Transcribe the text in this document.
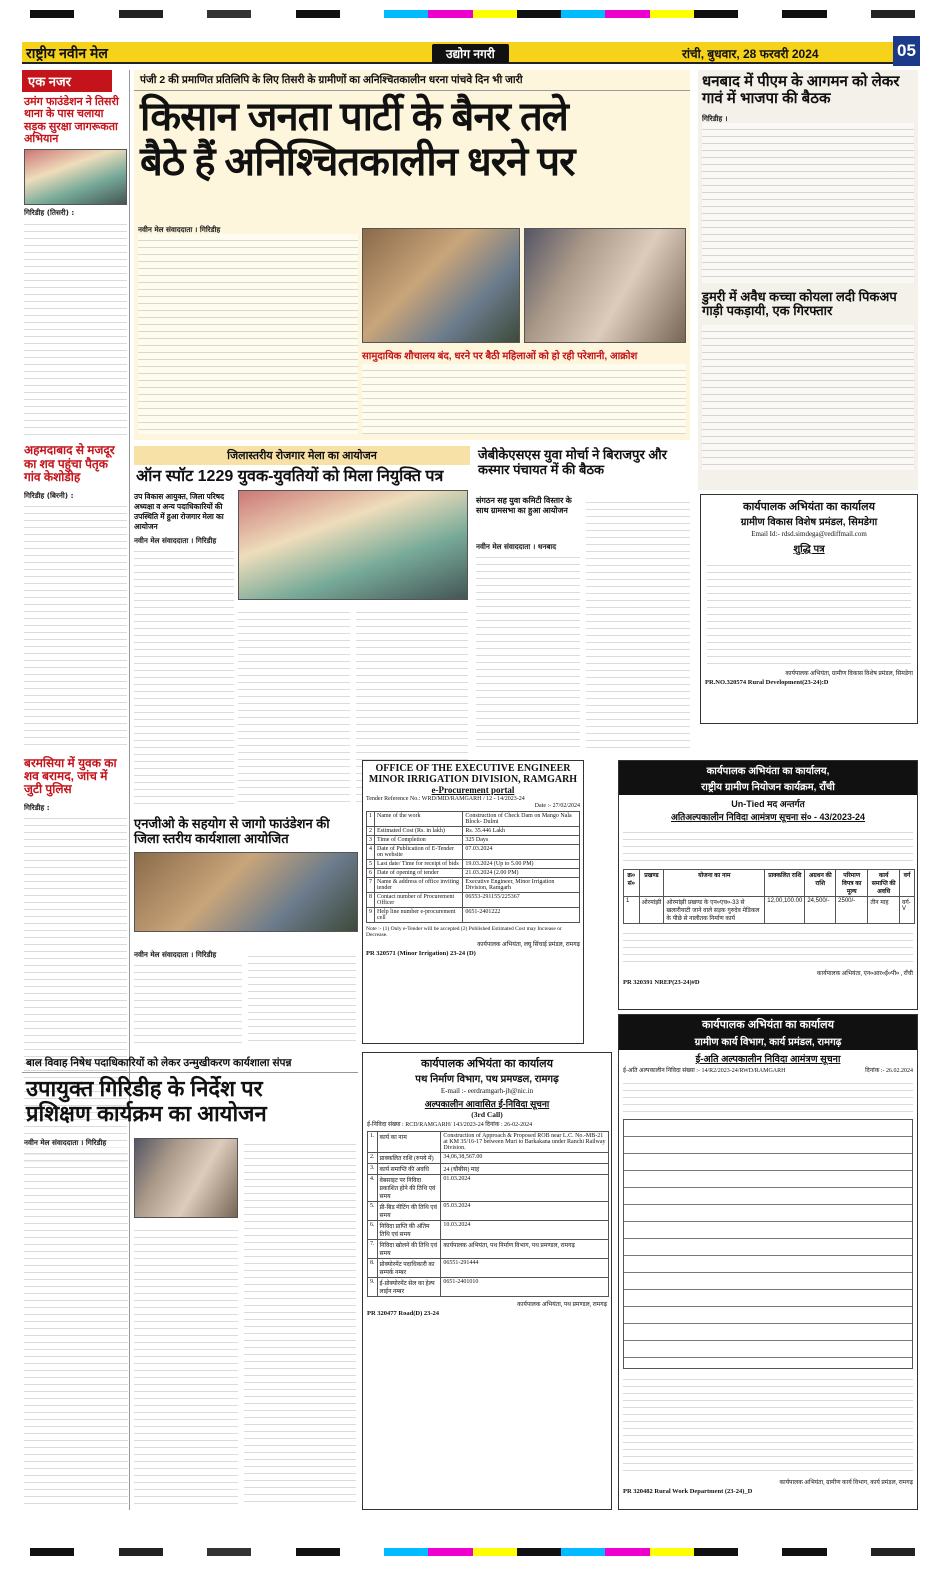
राष्ट्रीय नवीन मेल	उद्योग नगरी	रांची, बुधवार, 28 फरवरी 2024	05
एक नजर
उमंग फाउंडेशन ने तिसरी थाना के पास चलाया सड़क सुरक्षा जागरूकता अभियान
गिरिडीह (तिसरी) :
अहमदाबाद से मजदूर का शव पहुंचा पैतृक गांव केशोडीह
गिरिडीह (बिरनी) :
बरमसिया में युवक का शव बरामद, जांच में जुटी पुलिस
गिरिडीह :
पंजी 2 की प्रमाणित प्रतिलिपि के लिए तिसरी के ग्रामीणों का अनिश्चितकालीन धरना पांचवे दिन भी जारी
किसान जनता पार्टी के बैनर तले
बैठे हैं अनिश्चितकालीन धरने पर
नवीन मेल संवाददाता । गिरिडीह
सामुदायिक शौचालय बंद, धरने पर बैठी महिलाओं को हो रही परेशानी, आक्रोश
धनबाद में पीएम के आगमन को लेकर गावं में भाजपा की बैठक
गिरिडीह ।
डुमरी में अवैध कच्चा कोयला लदी पिकअप गाड़ी पकड़ायी, एक गिरफ्तार
जिलास्तरीय रोजगार मेला का आयोजन
ऑन स्पॉट 1229 युवक-युवतियों को मिला नियुक्ति पत्र
उप विकास आयुक्त, जिला परिषद अध्यक्षा व अन्य पदाधिकारियों की उपस्थिति में हुआ रोजगार मेला का आयोजन
नवीन मेल संवाददाता । गिरिडीह
जेबीकेएसएस युवा मोर्चा ने बिराजपुर और कस्मार पंचायत में की बैठक
संगठन सह युवा कमिटी विस्तार के साथ ग्रामसभा का हुआ आयोजन
नवीन मेल संवाददाता । धनबाद
OFFICE OF THE EXECUTIVE ENGINEER
MINOR IRRIGATION DIVISION, RAMGARH
e-Procurement portal
Tender Reference No.: WRD/MID/RAMGARH / 12 - 14/2023-24
Date :- 27/02/2024
1	Name of the work	Construction of Check Dam on Mango Nala Block- Dulmi
2	Estimated Cost (Rs. in lakh)	Rs. 35.446 Lakh
3	Time of Completion	325 Days
4	Date of Publication of E-Tender on website	07.03.2024
5	Last date/ Time for receipt of bids	19.03.2024 (Up to 5.00 PM)
6	Date of opening of tender	21.03.2024 (2.00 PM)
7	Name & address of office inviting tender	Executive Engineer, Minor Irrigation Division, Ramgarh
8	Contact number of Procurement Officer	06553-291155/225367
9	Help line number e-procurement cell	0651-2401222
Note :- (1) Only e-Tender will be accepted (2) Published Estimated Cost may Increase or Decrease.
कार्यपालक अभियंता, लघु सिंचाई प्रमंडल, रामगढ़
PR 320571 (Minor Irrigation) 23-24 (D)
एनजीओ के सहयोग से जागो फाउंडेशन की जिला स्तरीय कार्यशाला आयोजित
नवीन मेल संवाददाता । गिरिडीह
बाल विवाह निषेध पदाधिकारियों को लेकर उन्मुखीकरण कार्यशाला संपन्न
उपायुक्त गिरिडीह के निर्देश पर
प्रशिक्षण कार्यक्रम का आयोजन
नवीन मेल संवाददाता । गिरिडीह
कार्यपालक अभियंता का कार्यालय
पथ निर्माण विभाग, पथ प्रमण्डल, रामगढ़
E-mail :- eerdramgarh-jh@nic.in
अल्पकालीन आवासित ई-निविदा सूचना
(3rd Call)
ई-निविदा संख्या : RCD/RAMGARH/ 143/2023-24 दिनांक : 26-02-2024
1.	कार्य का नाम	Construction of Approach & Proposed ROB near L.C. No.-MB-21 at KM 35/16-17 between Muri to Barkakana under Ranchi Railway Division.
2.	प्राक्कलित राशि (रुपये में)	34,06,38,567.00
3.	कार्य समाप्ति की अवधि	24 (चौबीस) माह
4.	वेबसाइट पर निविदा प्रकाशित होने की तिथि एवं समय	01.03.2024
5.	प्री-बिड मीटिंग की तिथि एवं समय	05.03.2024
6.	निविदा प्राप्ति की अंतिम तिथि एवं समय	10.03.2024
7.	निविदा खोलने की तिथि एवं समय	कार्यपालक अभियंता, पथ निर्माण विभाग, पथ प्रमण्डल, रामगढ़
8.	प्रोक्योरमेंट पदाधिकारी का सम्पर्क नम्बर	06551-291444
9.	ई-प्रोक्योरमेंट सेल का हेल्प लाईन नम्बर	0651-2401010
कार्यपालक अभियंता, पथ प्रमण्डल, रामगढ़
PR 320477 Road(D) 23-24
कार्यपालक अभियंता का कार्यालय
ग्रामीण विकास विशेष प्रमंडल, सिमडेगा
Email Id:- rdsd.simdega@rediffmail.com
शुद्धि पत्र
कार्यपालक अभियंता, ग्रामीण विकास विशेष प्रमंडल, सिमडेगा
PR.NO.320574 Rural Development(23-24):D
कार्यपालक अभियंता का कार्यालय,
राष्ट्रीय ग्रामीण नियोजन कार्यक्रम, राँची
Un-Tied मद अन्तर्गत
अतिअल्पकालीन निविदा आमंत्रण सूचना सं० - 43/2023-24
क्र० सं०	प्रखण्ड	योजना का नाम	प्राक्कलित राशि	अग्रधन की राशि	परिमाण विपत्र का मूल्य	कार्य समाप्ति की अवधि	वर्ग
1	ओरमांझी	ओरमांझी प्रखण्ड के एन०एच०-33 से खलारीयाटी जाने वाले सड़क गुरुदेव मेडिकल के पीछे से नालीतक निर्माण कार्य	12,00,100.00	24,500/-	2500/-	तीन माह	वर्ग-V
कार्यपालक अभियंता, एन०आर०ई०पी० , राँची
PR 320391 NREP(23-24)#D
कार्यपालक अभियंता का कार्यालय
ग्रामीण कार्य विभाग, कार्य प्रमंडल, रामगढ़
ई-अति अल्पकालीन निविदा आमंत्रण सूचना
ई-अति अल्पकालीन निविदा संख्या :- 14/R2/2023-24/RWD/RAMGARH	दिनांक :- 26.02.2024
कार्यपालक अभियंता, ग्रामीण कार्य विभाग, कार्य प्रमंडल, रामगढ़
PR 320482 Rural Work Department (23-24)_D
